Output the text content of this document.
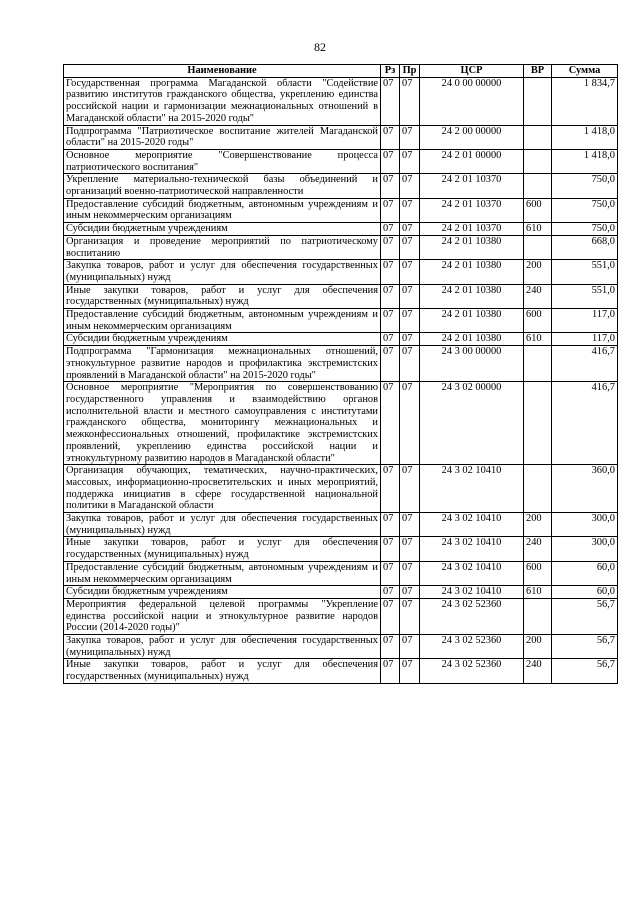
82
Наименование	Рз	Пр	ЦСР	ВР	Сумма
Государственная программа Магаданской области "Содействие развитию институтов гражданского общества, укреплению единства российской нации и гармонизации межнациональных отношений в Магаданской области" на 2015-2020 годы"	07	07	24 0 00 00000		1 834,7
Подпрограмма "Патриотическое воспитание жителей Магаданской области" на 2015-2020 годы"	07	07	24 2 00 00000		1 418,0
Основное мероприятие "Совершенствование процесса патриотического воспитания"	07	07	24 2 01 00000		1 418,0
Укрепление материально-технической базы объединений и организаций военно-патриотической направленности	07	07	24 2 01 10370		750,0
Предоставление субсидий бюджетным, автономным учреждениям и иным некоммерческим организациям	07	07	24 2 01 10370	600	750,0
Субсидии бюджетным учреждениям	07	07	24 2 01 10370	610	750,0
Организация и проведение мероприятий по патриотическому воспитанию	07	07	24 2 01 10380		668,0
Закупка товаров, работ и услуг для обеспечения государственных (муниципальных) нужд	07	07	24 2 01 10380	200	551,0
Иные закупки товаров, работ и услуг для обеспечения государственных (муниципальных) нужд	07	07	24 2 01 10380	240	551,0
Предоставление субсидий бюджетным, автономным учреждениям и иным некоммерческим организациям	07	07	24 2 01 10380	600	117,0
Субсидии бюджетным учреждениям	07	07	24 2 01 10380	610	117,0
Подпрограмма "Гармонизация межнациональных отношений, этнокультурное развитие народов и профилактика экстремистских проявлений в Магаданской области" на 2015-2020 годы"	07	07	24 3 00 00000		416,7
Основное мероприятие "Мероприятия по совершенствованию государственного управления и взаимодействию органов исполнительной власти и местного самоуправления с институтами гражданского общества, мониторингу межнациональных и межконфессиональных отношений, профилактике экстремистских проявлений, укреплению единства российской нации и этнокультурному развитию народов в Магаданской области"	07	07	24 3 02 00000		416,7
Организация обучающих, тематических, научно-практических, массовых, информационно-просветительских и иных мероприятий, поддержка инициатив в сфере государственной национальной политики в Магаданской области	07	07	24 3 02 10410		360,0
Закупка товаров, работ и услуг для обеспечения государственных (муниципальных) нужд	07	07	24 3 02 10410	200	300,0
Иные закупки товаров, работ и услуг для обеспечения государственных (муниципальных) нужд	07	07	24 3 02 10410	240	300,0
Предоставление субсидий бюджетным, автономным учреждениям и иным некоммерческим организациям	07	07	24 3 02 10410	600	60,0
Субсидии бюджетным учреждениям	07	07	24 3 02 10410	610	60,0
Мероприятия федеральной целевой программы "Укрепление единства российской нации и этнокультурное развитие народов России (2014-2020 годы)"	07	07	24 3 02 52360		56,7
Закупка товаров, работ и услуг для обеспечения государственных (муниципальных) нужд	07	07	24 3 02 52360	200	56,7
Иные закупки товаров, работ и услуг для обеспечения государственных (муниципальных) нужд	07	07	24 3 02 52360	240	56,7
